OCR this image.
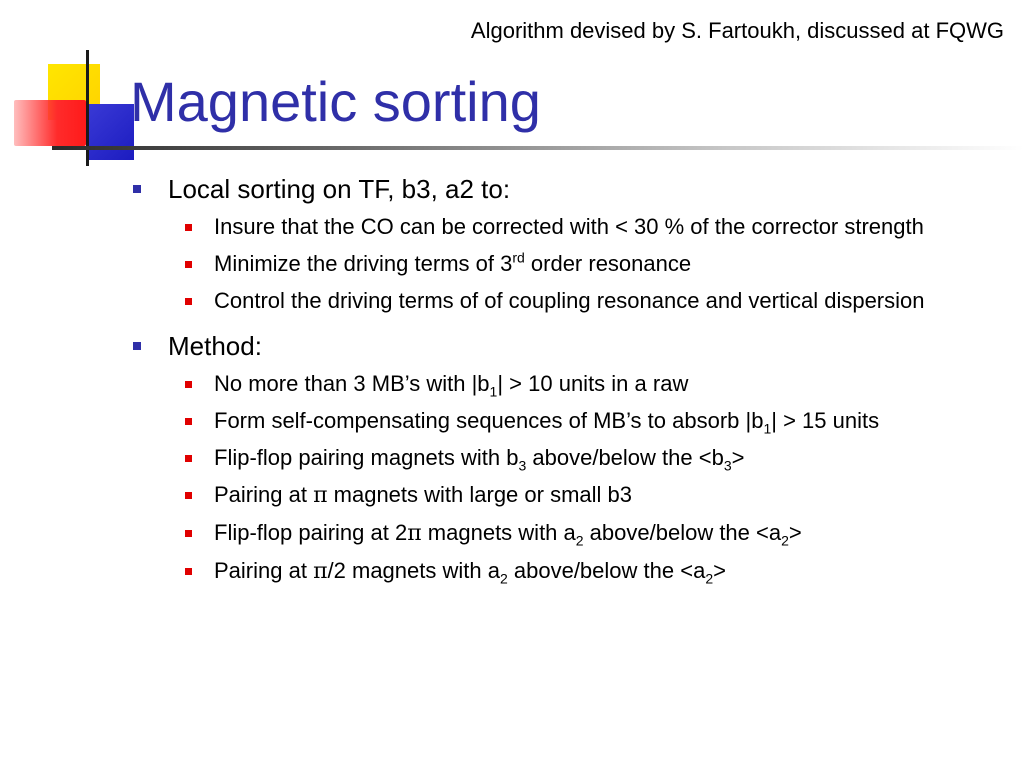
Algorithm devised by S. Fartoukh, discussed at FQWG
Magnetic sorting
Local sorting on TF, b3, a2 to:
Insure that the CO can be corrected with < 30 % of the corrector strength
Minimize the driving terms of 3rd order resonance
Control the driving terms of of coupling resonance and vertical dispersion
Method:
No more than 3 MB’s with $|b_1| > 10$ units in a raw
Form self-compensating sequences of MB’s to absorb $|b_1| > 15$ units
Flip-flop pairing magnets with $b_3$ above/below the $<b_3>$
Pairing at π magnets with large or small b3
Flip-flop pairing at 2π magnets with $a_2$ above/below the $<a_2>$
Pairing at π/2 magnets with $a_2$ above/below the $<a_2>$
